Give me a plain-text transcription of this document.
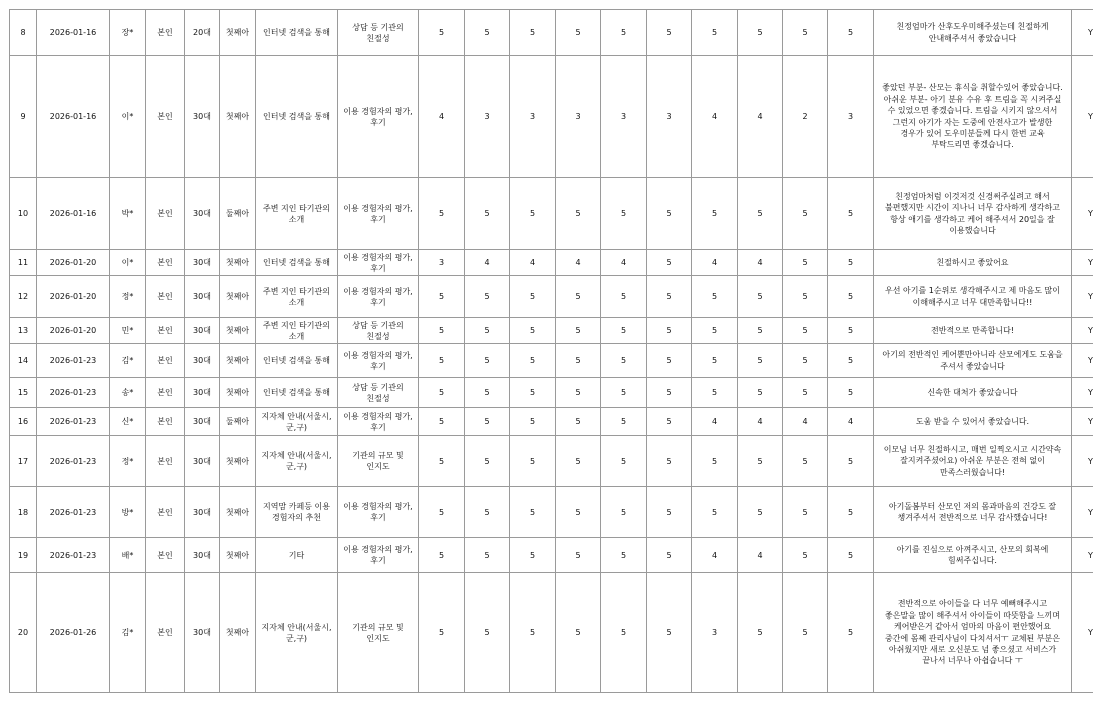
8	2026-01-16	장*	본인	20대	첫째아	인터넷 검색을 통해	상담 등 기관의 친절성	5	5	5	5	5	5	5	5	5	5	친정엄마가 산후도우미해주셨는데 친절하게 안내해주셔서 좋았습니다	Y
9	2026-01-16	이*	본인	30대	첫째아	인터넷 검색을 통해	이용 경험자의 평가, 후기	4	3	3	3	3	3	4	4	2	3	좋았던 부분- 산모는 휴식을 취할수있어 좋았습니다.
아쉬운 부분- 아기 분유 수유 후 트림을 꼭 시켜주실 수 있었으면 좋겠습니다. 트림을 시키지 않으셔서 그런지 아기가 자는 도중에 안전사고가 발생한 경우가 있어 도우미분들께 다시 한번 교육 부탁드리면 좋겠습니다.	Y
10	2026-01-16	박*	본인	30대	둘째아	주변 지인 타기관의 소개	이용 경험자의 평가, 후기	5	5	5	5	5	5	5	5	5	5	친정엄마처럼 이것저것 신경써주실려고 해서 불편했지만 시간이 지나니 너무 감사하게 생각하고 항상 애기를 생각하고 케어 해주셔서 20일을 잘 이용했습니다	Y
11	2026-01-20	이*	본인	30대	첫째아	인터넷 검색을 통해	이용 경험자의 평가, 후기	3	4	4	4	4	5	4	4	5	5	친절하시고 좋았어요	Y
12	2026-01-20	정*	본인	30대	첫째아	주변 지인 타기관의 소개	이용 경험자의 평가, 후기	5	5	5	5	5	5	5	5	5	5	우선 아기를 1순위로 생각해주시고 제 마음도 많이 이해해주시고 너무 대만족합니다!!	Y
13	2026-01-20	민*	본인	30대	첫째아	주변 지인 타기관의 소개	상담 등 기관의 친절성	5	5	5	5	5	5	5	5	5	5	전반적으로 만족합니다!	Y
14	2026-01-23	김*	본인	30대	첫째아	인터넷 검색을 통해	이용 경험자의 평가, 후기	5	5	5	5	5	5	5	5	5	5	아기의 전반적인 케어뿐만아니라 산모에게도 도움을 주셔서 좋았습니다	Y
15	2026-01-23	송*	본인	30대	첫째아	인터넷 검색을 통해	상담 등 기관의 친절성	5	5	5	5	5	5	5	5	5	5	신속한 대처가 좋았습니다	Y
16	2026-01-23	신*	본인	30대	둘째아	지자체 안내(서울시,군,구)	이용 경험자의 평가, 후기	5	5	5	5	5	5	4	4	4	4	도움 받을 수 있어서 좋았습니다.	Y
17	2026-01-23	정*	본인	30대	첫째아	지자체 안내(서울시,군,구)	기관의 규모 및 인지도	5	5	5	5	5	5	5	5	5	5	이모님 너무 친절하시고, 매번 일찍오시고 시간약속 잘지켜주셨어요) 아쉬운 부분은 전혀 없이 만족스러웠습니다!	Y
18	2026-01-23	방*	본인	30대	첫째아	지역맘 카페등 이용 경험자의 추천	이용 경험자의 평가, 후기	5	5	5	5	5	5	5	5	5	5	아기돌봄부터 산모인 저의 몸과마음의 건강도 잘 챙겨주셔서 전반적으로 너무 감사했습니다!	Y
19	2026-01-23	배*	본인	30대	첫째아	기타	이용 경험자의 평가, 후기	5	5	5	5	5	5	4	4	5	5	아기를 진심으로 아껴주시고, 산모의 회복에 힘써주십니다.	Y
20	2026-01-26	김*	본인	30대	첫째아	지자체 안내(서울시,군,구)	기관의 규모 및 인지도	5	5	5	5	5	5	3	5	5	5	전반적으로 아이들을 다 너무 예뻐해주시고 좋은말을 많이 해주셔서 아이들이 따뜻함을 느끼며 케어받은거 같아서 엄마의 마음이 편안했어요
중간에 몸째 관리사님이 다치셔서ㅜ 교체된 부분은 아쉬웠지만 새로 오신분도 넘 좋으셨고 서비스가 끝나서 너무나 아쉽습니다 ㅜ	Y
